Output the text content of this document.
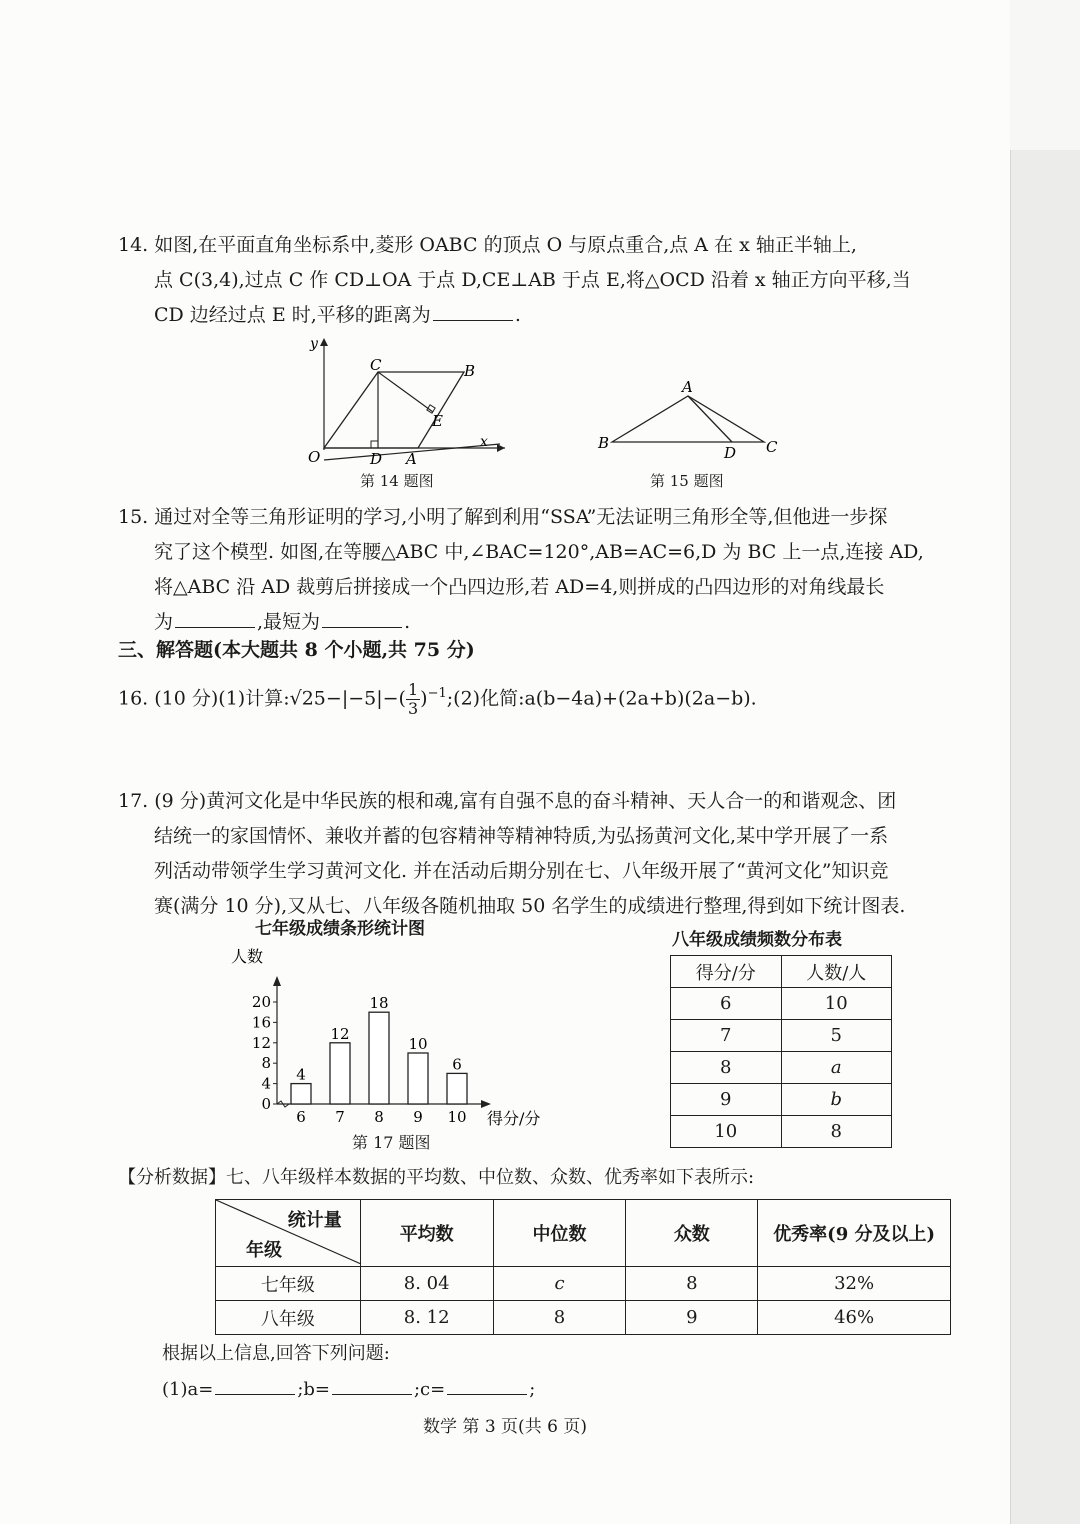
14. 如图,在平面直角坐标系中,菱形 OABC 的顶点 O 与原点重合,点 A 在 x 轴正半轴上,
点 C(3,4),过点 C 作 CD⊥OA 于点 D,CE⊥AB 于点 E,将△OCD 沿着 x 轴正方向平移,当
CD 边经过点 E 时,平移的距离为	.
y
x
O	D A
C	B
E
第 14 题图
A
B	C
D
第 15 题图
15. 通过对全等三角形证明的学习,小明了解到利用“SSA”无法证明三角形全等,但他进一步探
究了这个模型. 如图,在等腰△ABC 中,∠BAC=120°,AB=AC=6,D 为 BC 上一点,连接 AD,
将△ABC 沿 AD 裁剪后拼接成一个凸四边形,若 AD=4,则拼成的凸四边形的对角线最长
为	,最短为	.
三、解答题(本大题共 8 个小题,共 75 分)
16. (10 分)(1)计算:√25−|−5|−( $\frac{1}{3}$ )$^{-1}$;(2)化简:a(b−4a)+(2a+b)(2a−b).
17. (9 分)黄河文化是中华民族的根和魂,富有自强不息的奋斗精神、天人合一的和谐观念、团
结统一的家国情怀、兼收并蓄的包容精神等精神特质,为弘扬黄河文化,某中学开展了一系
列活动带领学生学习黄河文化. 并在活动后期分别在七、八年级开展了“黄河文化”知识竞
赛(满分 10 分),又从七、八年级各随机抽取 50 名学生的成绩进行整理,得到如下统计图表.
七年级成绩条形统计图
人数
得分/分
0
4
8
12
16
20
4
6
12
7
18
8
10
9
6
10
八年级成绩频数分布表
得分/分	人数/人
6	10
7	5
8	a
9	b
10	8
第 17 题图
【分析数据】七、八年级样本数据的平均数、中位数、众数、优秀率如下表所示:
统计量
年级	平均数	中位数	众数	优秀率(9 分及以上)
七年级	8. 04	c	8	32%
八年级	8. 12	8	9	46%
根据以上信息,回答下列问题:
(1)a=	;b=	;c=	;
数学 第 3 页(共 6 页)
